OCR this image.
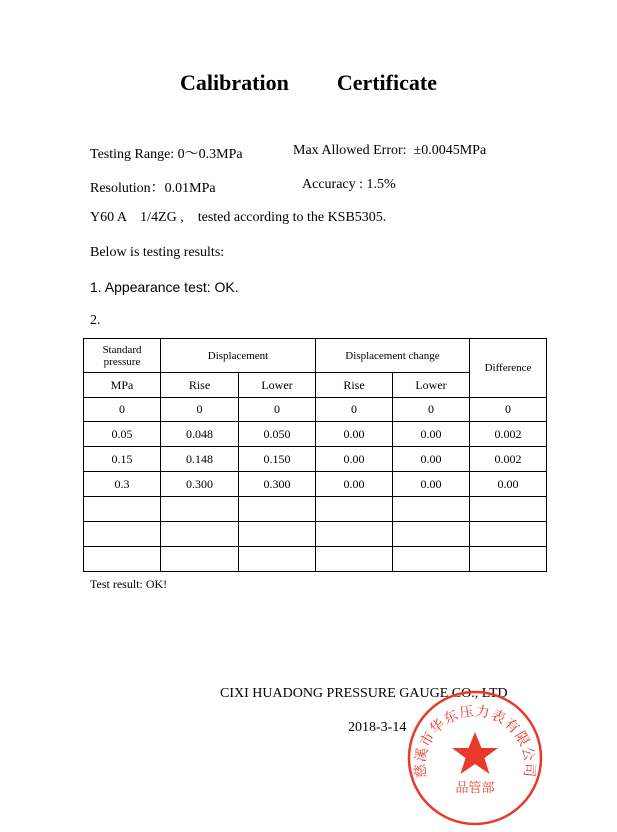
Calibration Certificate
Testing Range: 0～0.3MPa	Max Allowed Error: ±0.0045MPa
Resolution：0.01MPa	Accuracy : 1.5%
Y60 A    1/4ZG ,    tested according to the KSB5305.
Below is testing results:
1. Appearance test: OK.
2.
Standard pressure	Displacement		Displacement change		Difference
MPa	Rise	Lower	Rise	Lower	
0	0	0	0	0	0
0.05	0.048	0.050	0.00	0.00	0.002
0.15	0.148	0.150	0.00	0.00	0.002
0.3	0.300	0.300	0.00	0.00	0.00

Test result: OK!
CIXI HUADONG PRESSURE GAUGE CO., LTD
2018-3-14
慈溪市华东压力表有限公司
品管部
